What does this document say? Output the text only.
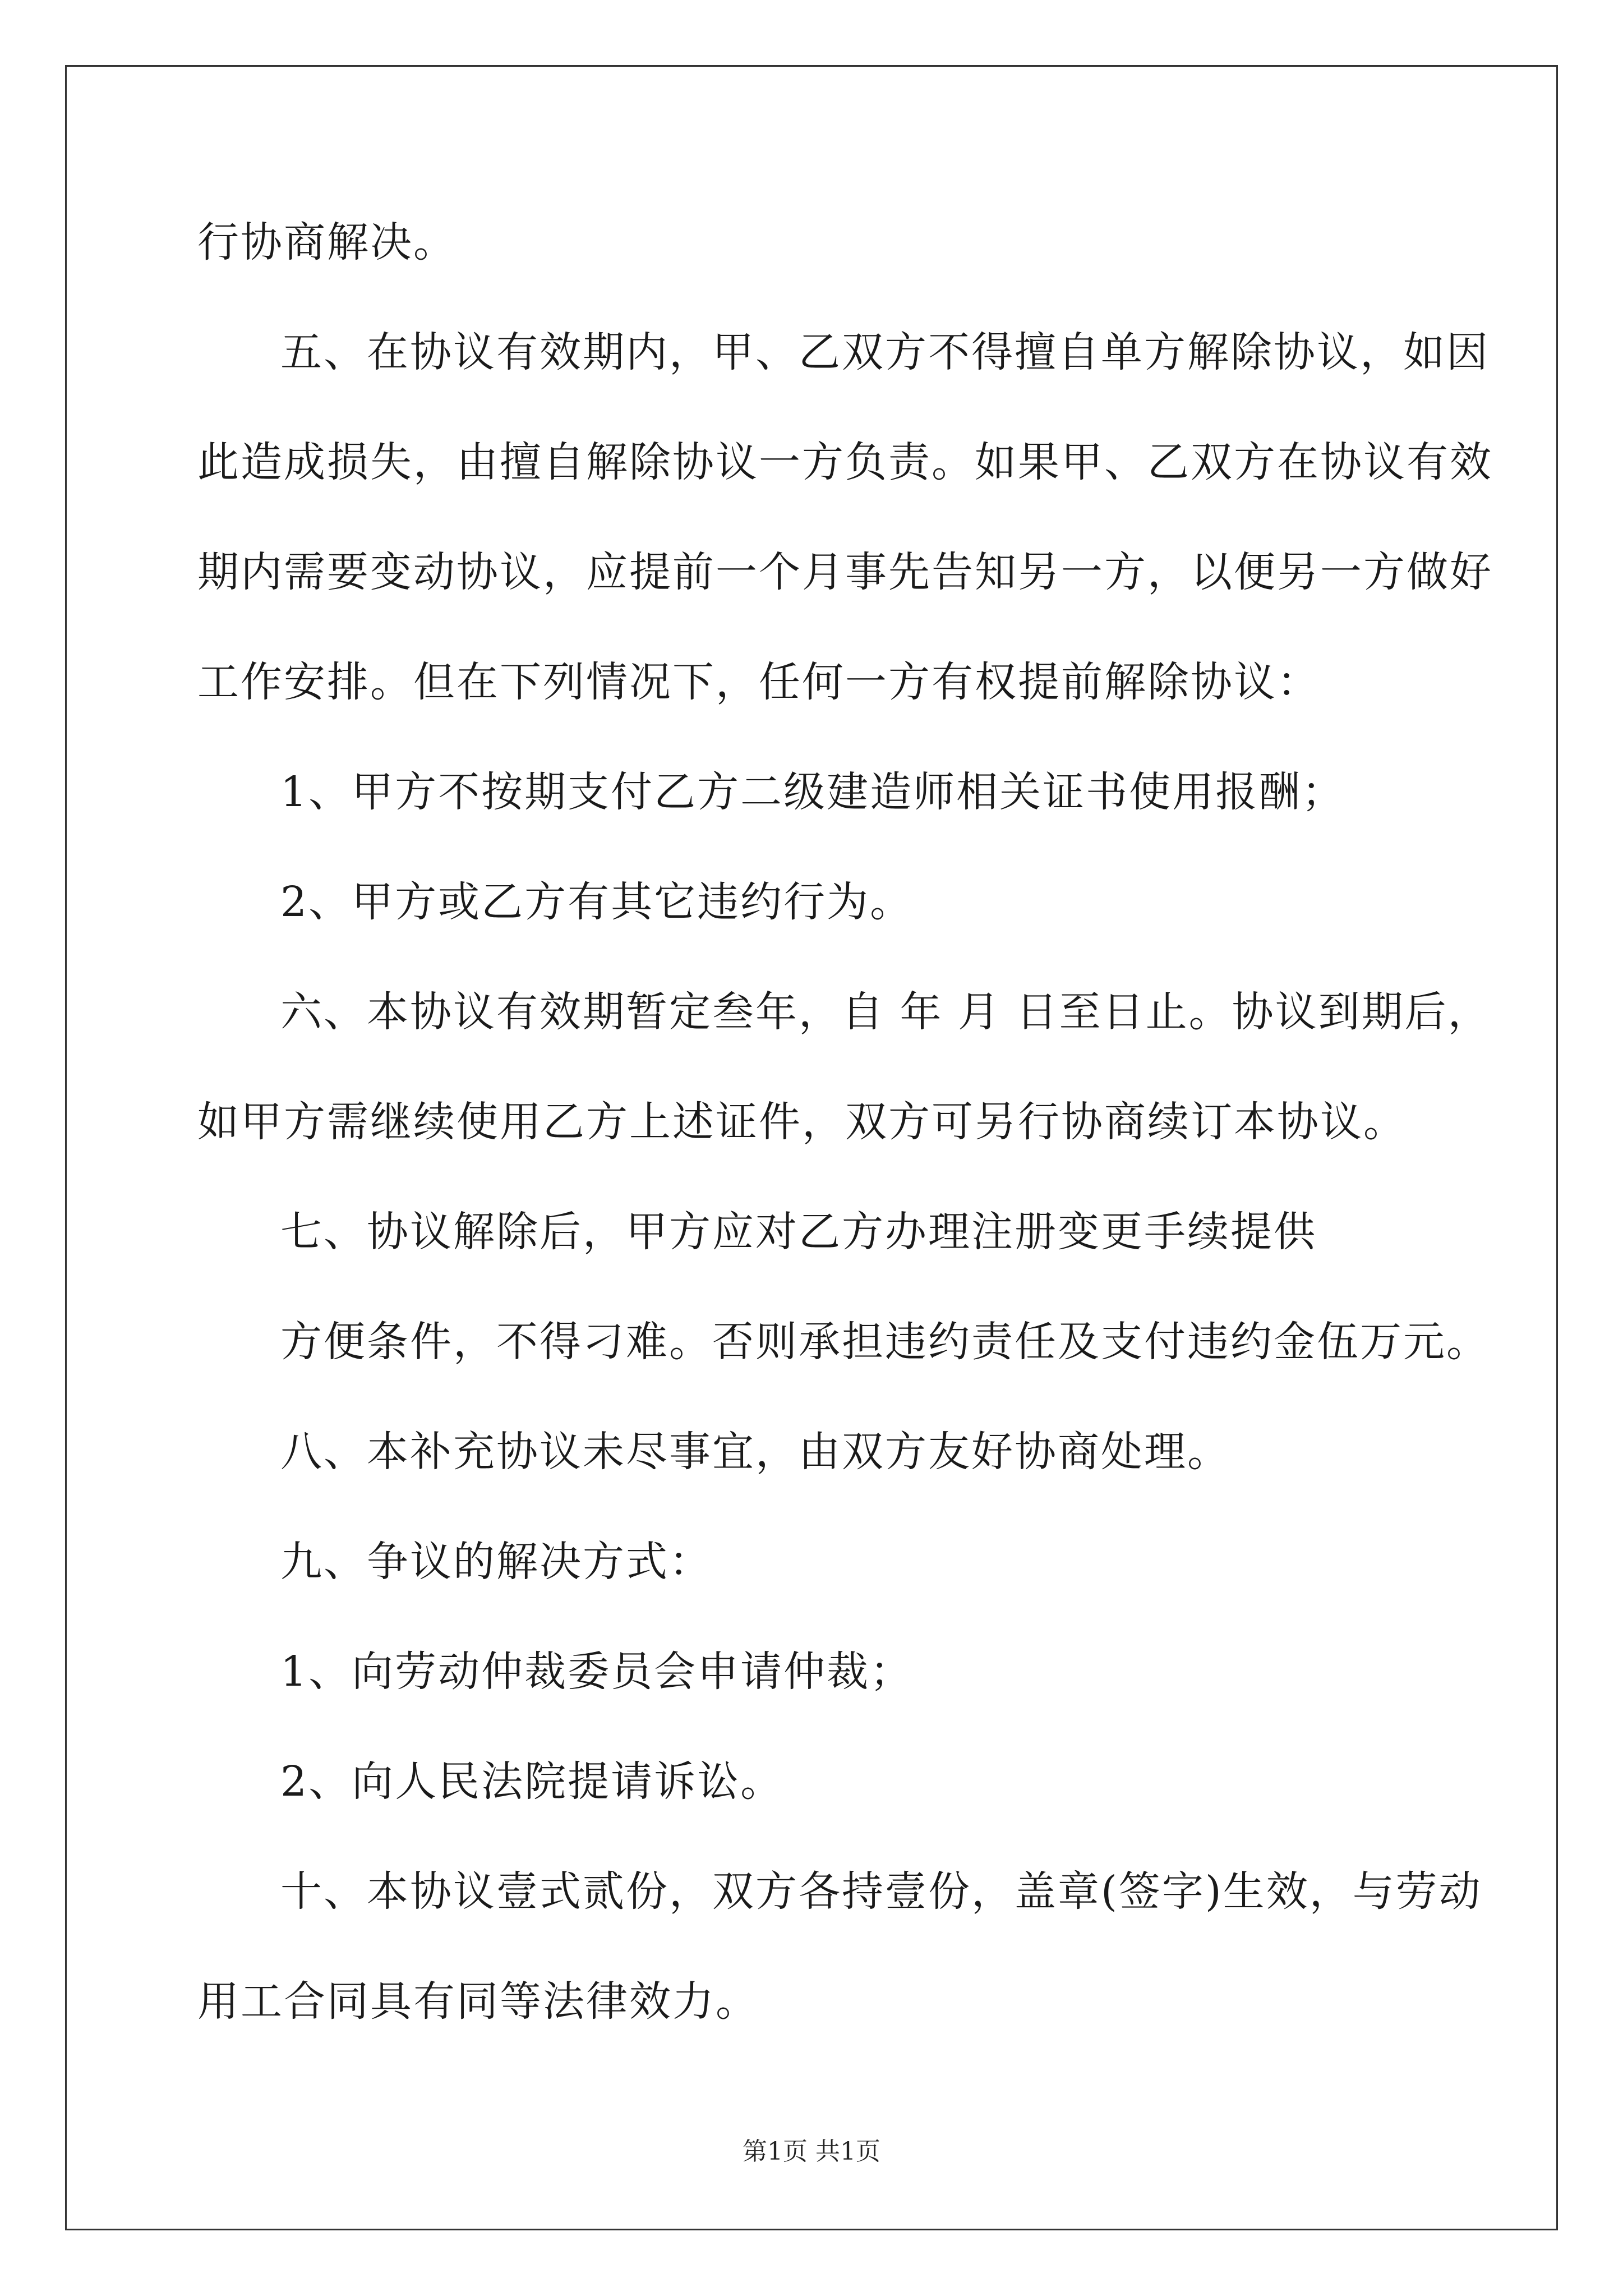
行协商解决。
五、在协议有效期内，甲、乙双方不得擅自单方解除协议，如因
此造成损失，由擅自解除协议一方负责。如果甲、乙双方在协议有效
期内需要变动协议，应提前一个月事先告知另一方，以便另一方做好
工作安排。但在下列情况下，任何一方有权提前解除协议：
1、甲方不按期支付乙方二级建造师相关证书使用报酬；
2、甲方或乙方有其它违约行为。
六、本协议有效期暂定叁年，自 年 月 日至日止。协议到期后，
如甲方需继续使用乙方上述证件，双方可另行协商续订本协议。
七、协议解除后，甲方应对乙方办理注册变更手续提供
方便条件，不得刁难。否则承担违约责任及支付违约金伍万元。
八、本补充协议未尽事宜，由双方友好协商处理。
九、争议的解决方式：
1、向劳动仲裁委员会申请仲裁；
2、向人民法院提请诉讼。
十、本协议壹式贰份，双方各持壹份，盖章(签字)生效，与劳动
用工合同具有同等法律效力。
第1页 共1页
